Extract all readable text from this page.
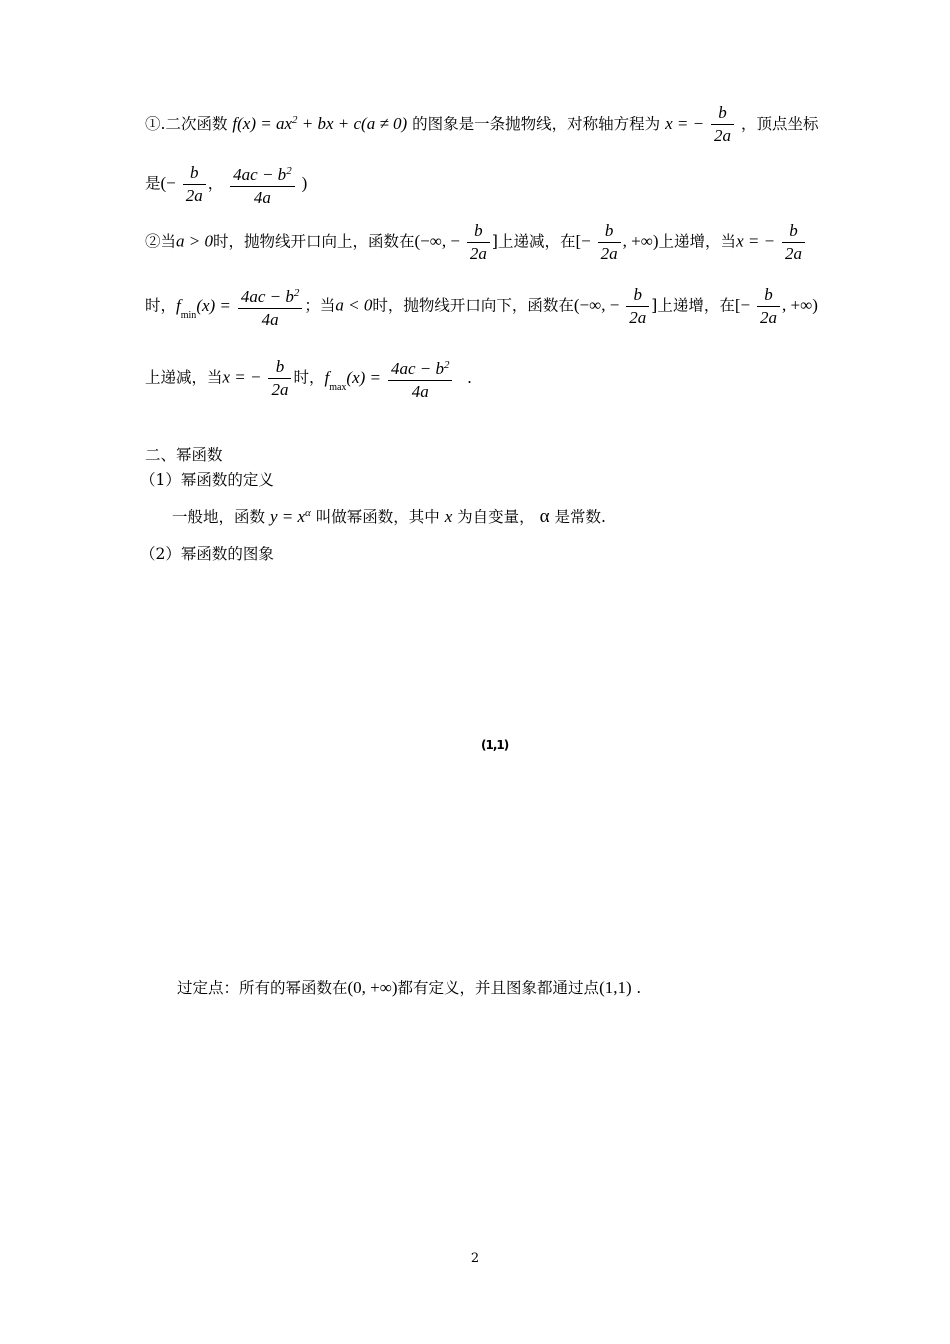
①.二次函数 $f(x) = ax^2$ + bx + c(a ≠ 0) 的图象是一条抛物线，对称轴方程为 x = − $\frac{b}{2a}$ ，顶点坐标
是(− $\frac{b}{2a}$ ， $\frac{4ac - b^2}{4a}$ )
②当a > 0时，抛物线开口向上，函数在(−∞, − $\frac{b}{2a}$ ]上递减，在[− $\frac{b}{2a}$ , +∞)上递增，当x = − $\frac{b}{2a}$
时，$f_{min}(x) = \frac{4ac - b^2}{4a}$ ；当a < 0时，抛物线开口向下，函数在(−∞, − $\frac{b}{2a}$ ]上递增，在[− $\frac{b}{2a}$ , +∞)
上递减，当x = − $\frac{b}{2a}$ 时，$f_{max}(x) = \frac{4ac - b^2}{4a}$ .
二、幂函数
（1）幂函数的定义
一般地，函数 $y = x^\alpha$ 叫做幂函数，其中 x 为自变量， α 是常数.
（2）幂函数的图象
(1,1)
过定点：所有的幂函数在(0, +∞)都有定义，并且图象都通过点(1,1) .
2
